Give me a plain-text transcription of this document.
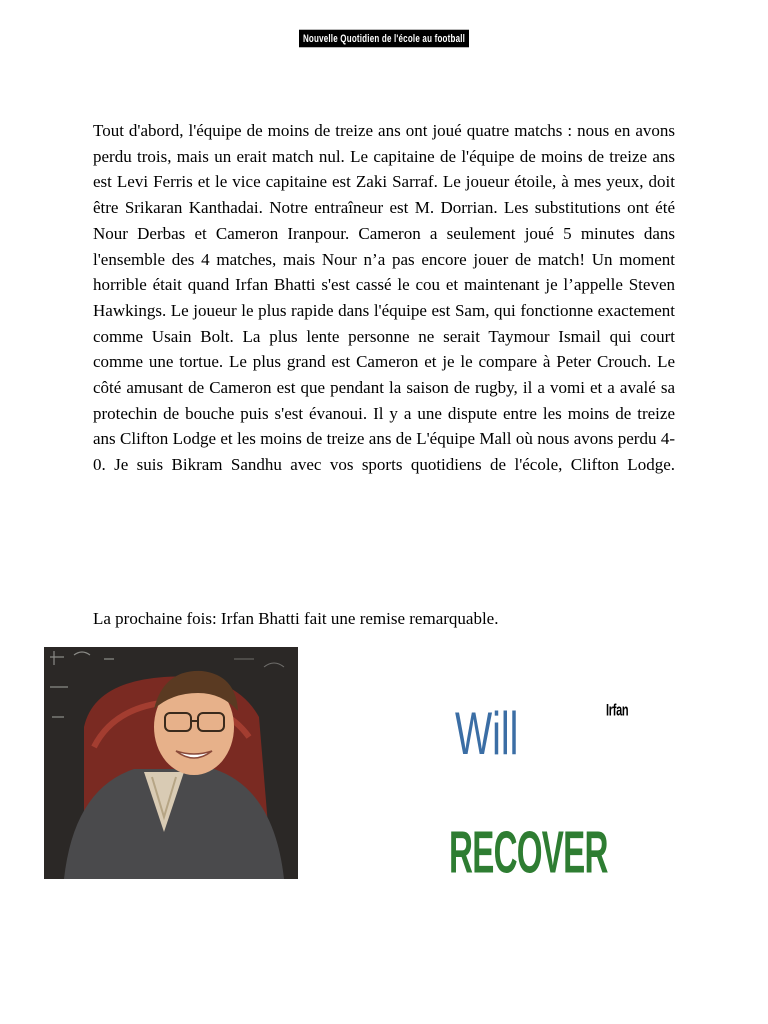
Nouvelle Quotidien de l'école au football

Tout d'abord, l'équipe de moins de treize ans ont joué quatre matchs : nous en avons perdu trois, mais un erait match nul. Le capitaine de l'équipe de moins de treize ans est Levi Ferris et le vice capitaine est Zaki Sarraf. Le joueur étoile, à mes yeux, doit être Srikaran Kanthadai. Notre entraîneur est M. Dorrian. Les substitutions ont été Nour Derbas et Cameron Iranpour. Cameron a seulement joué 5 minutes dans l'ensemble des 4 matches, mais Nour n’a pas encore jouer de match! Un moment horrible était quand Irfan Bhatti s'est cassé le cou et maintenant je l’appelle Steven Hawkings. Le joueur le plus rapide dans l'équipe est Sam, qui fonctionne exactement comme Usain Bolt. La plus lente personne ne serait Taymour Ismail qui court comme une tortue. Le plus grand est Cameron et je le compare à Peter Crouch. Le côté amusant de Cameron est que pendant la saison de rugby, il a vomi et a avalé sa protechin de bouche puis s'est évanoui. Il y a une dispute entre les moins de treize ans Clifton Lodge et les moins de treize ans de L'équipe Mall où nous avons perdu 4-0. Je suis Bikram Sandhu avec vos sports quotidiens de l'école, Clifton Lodge.

La prochaine fois: Irfan Bhatti fait une remise remarquable.

Irfan
Will
RECOVER
